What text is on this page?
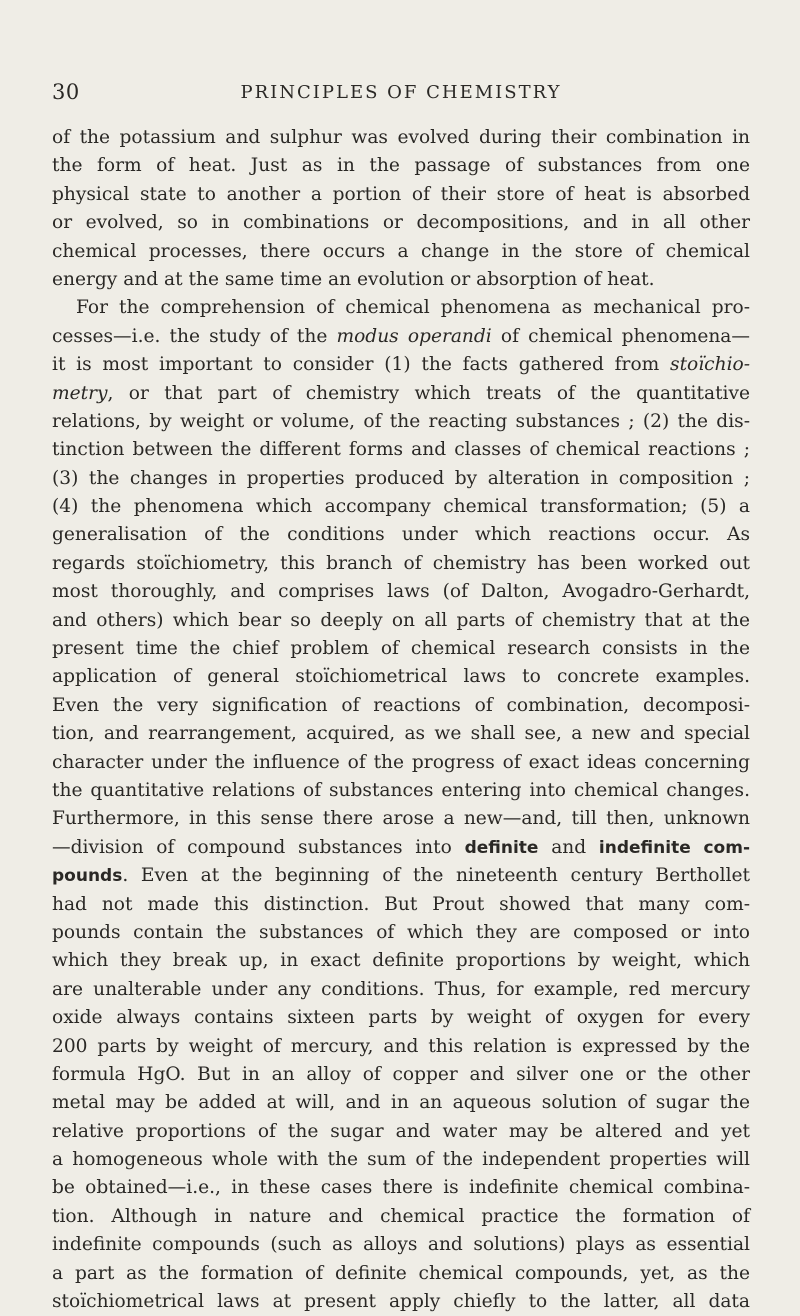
30	PRINCIPLES OF CHEMISTRY
of the potassium and sulphur was evolved during their combination in
the form of heat. Just as in the passage of substances from one
physical state to another a portion of their store of heat is absorbed
or evolved, so in combinations or decompositions, and in all other
chemical processes, there occurs a change in the store of chemical
energy and at the same time an evolution or absorption of heat.
For the comprehension of chemical phenomena as mechanical pro-
cesses—i.e. the study of the modus operandi of chemical phenomena—
it is most important to consider (1) the facts gathered from stoïchio-
metry, or that part of chemistry which treats of the quantitative
relations, by weight or volume, of the reacting substances ; (2) the dis-
tinction between the different forms and classes of chemical reactions ;
(3) the changes in properties produced by alteration in composition ;
(4) the phenomena which accompany chemical transformation; (5) a
generalisation of the conditions under which reactions occur. As
regards stoïchiometry, this branch of chemistry has been worked out
most thoroughly, and comprises laws (of Dalton, Avogadro-Gerhardt,
and others) which bear so deeply on all parts of chemistry that at the
present time the chief problem of chemical research consists in the
application of general stoïchiometrical laws to concrete examples.
Even the very signification of reactions of combination, decomposi-
tion, and rearrangement, acquired, as we shall see, a new and special
character under the influence of the progress of exact ideas concerning
the quantitative relations of substances entering into chemical changes.
Furthermore, in this sense there arose a new—and, till then, unknown
—division of compound substances into definite and indefinite com-
pounds. Even at the beginning of the nineteenth century Berthollet
had not made this distinction. But Prout showed that many com-
pounds contain the substances of which they are composed or into
which they break up, in exact definite proportions by weight, which
are unalterable under any conditions. Thus, for example, red mercury
oxide always contains sixteen parts by weight of oxygen for every
200 parts by weight of mercury, and this relation is expressed by the
formula HgO. But in an alloy of copper and silver one or the other
metal may be added at will, and in an aqueous solution of sugar the
relative proportions of the sugar and water may be altered and yet
a homogeneous whole with the sum of the independent properties will
be obtained—i.e., in these cases there is indefinite chemical combina-
tion. Although in nature and chemical practice the formation of
indefinite compounds (such as alloys and solutions) plays as essential
a part as the formation of definite chemical compounds, yet, as the
stoïchiometrical laws at present apply chiefly to the latter, all data
